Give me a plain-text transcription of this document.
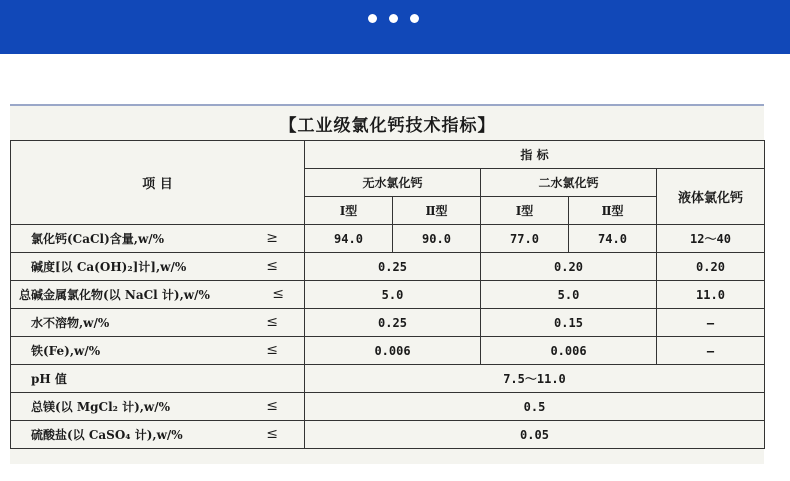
【工业级氯化钙技术指标】					
项 目	指 标				
	无水氯化钙		二水氯化钙		液体氯化钙
	Ⅰ型	Ⅱ型	Ⅰ型	Ⅱ型	

氯化钙(CaCl)含量,w/% ≥	94.0	90.0	77.0	74.0	12～40

碱度[以 Ca(OH)₂]计],w/% ≤	0.25		0.20		0.20

总碱金属氯化物(以 NaCl 计),w/% ≤	5.0		5.0		11.0

水不溶物,w/% ≤	0.25		0.15		—

铁(Fe),w/% ≤	0.006		0.006		—

pH 值	7.5～11.0				

总镁(以 MgCl₂ 计),w/% ≤	0.5				

硫酸盐(以 CaSO₄ 计),w/% ≤	0.05				
